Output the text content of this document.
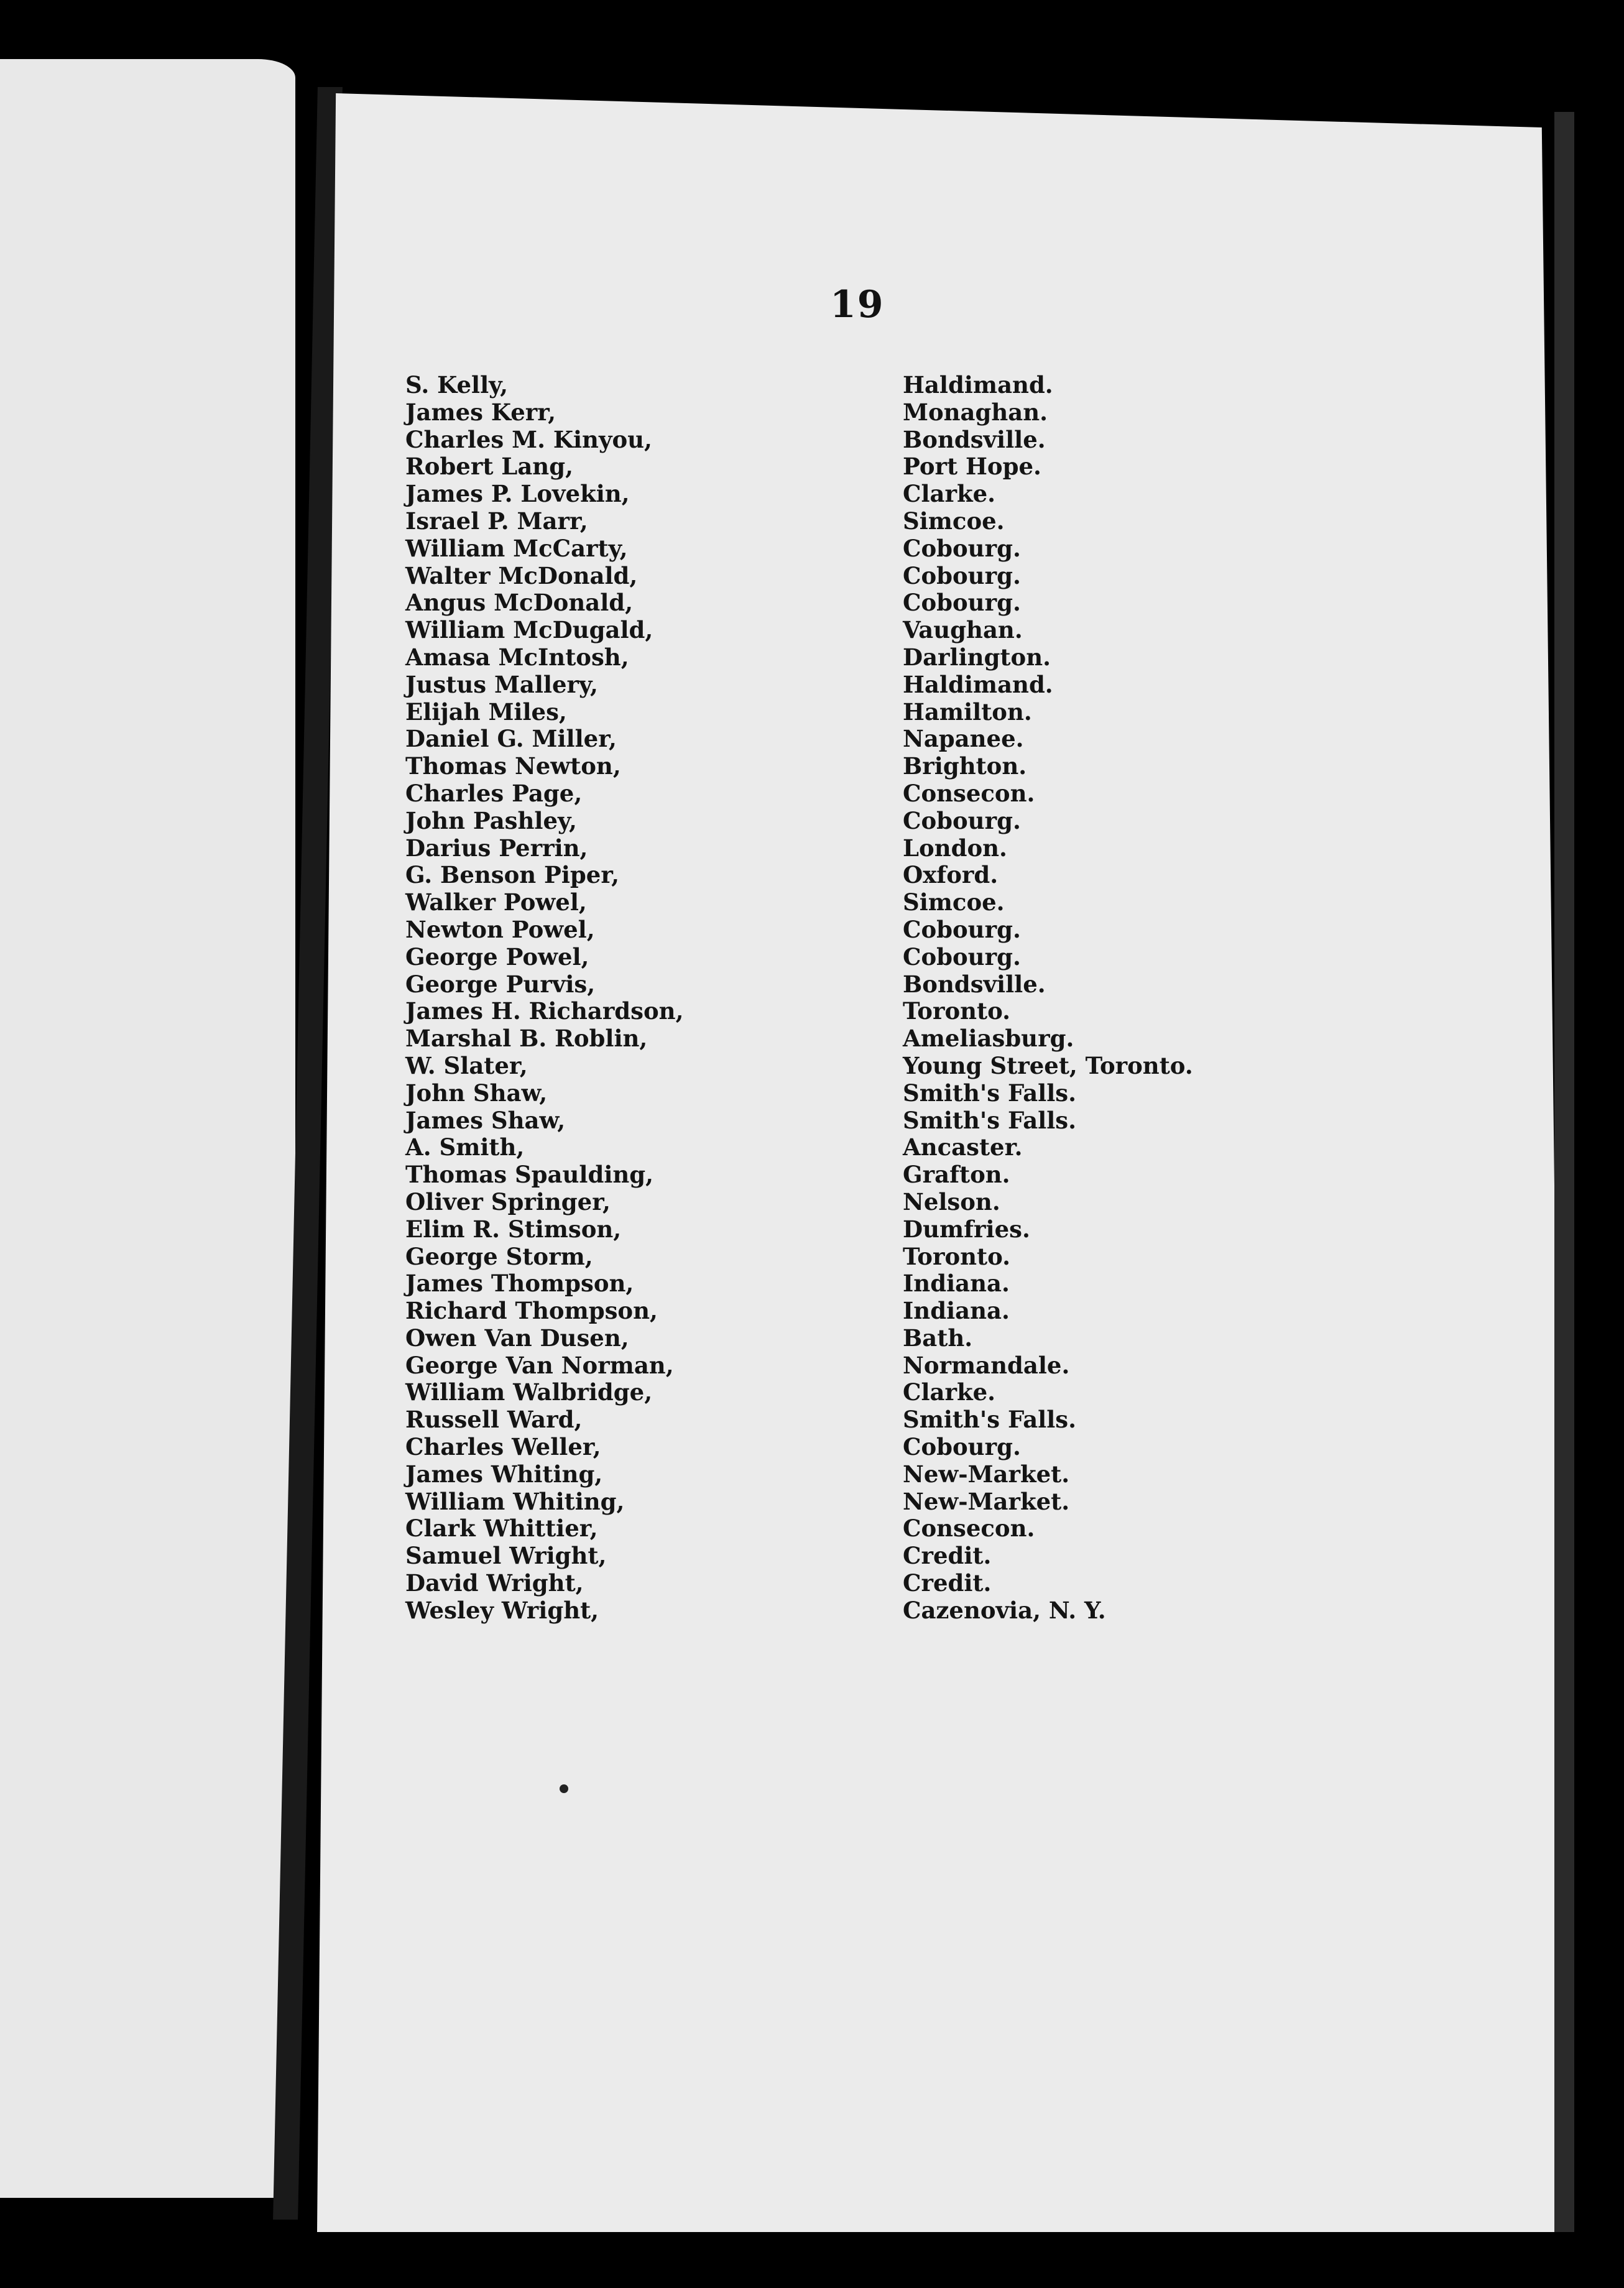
19
S. Kelly,	Haldimand.
James Kerr,	Monaghan.
Charles M. Kinyou,	Bondsville.
Robert Lang,	Port Hope.
James P. Lovekin,	Clarke.
Israel P. Marr,	Simcoe.
William McCarty,	Cobourg.
Walter McDonald,	Cobourg.
Angus McDonald,	Cobourg.
William McDugald,	Vaughan.
Amasa McIntosh,	Darlington.
Justus Mallery,	Haldimand.
Elijah Miles,	Hamilton.
Daniel G. Miller,	Napanee.
Thomas Newton,	Brighton.
Charles Page,	Consecon.
John Pashley,	Cobourg.
Darius Perrin,	London.
G. Benson Piper,	Oxford.
Walker Powel,	Simcoe.
Newton Powel,	Cobourg.
George Powel,	Cobourg.
George Purvis,	Bondsville.
James H. Richardson,	Toronto.
Marshal B. Roblin,	Ameliasburg.
W. Slater,	Young Street, Toronto.
John Shaw,	Smith's Falls.
James Shaw,	Smith's Falls.
A. Smith,	Ancaster.
Thomas Spaulding,	Grafton.
Oliver Springer,	Nelson.
Elim R. Stimson,	Dumfries.
George Storm,	Toronto.
James Thompson,	Indiana.
Richard Thompson,	Indiana.
Owen Van Dusen,	Bath.
George Van Norman,	Normandale.
William Walbridge,	Clarke.
Russell Ward,	Smith's Falls.
Charles Weller,	Cobourg.
James Whiting,	New-Market.
William Whiting,	New-Market.
Clark Whittier,	Consecon.
Samuel Wright,	Credit.
David Wright,	Credit.
Wesley Wright,	Cazenovia, N. Y.
